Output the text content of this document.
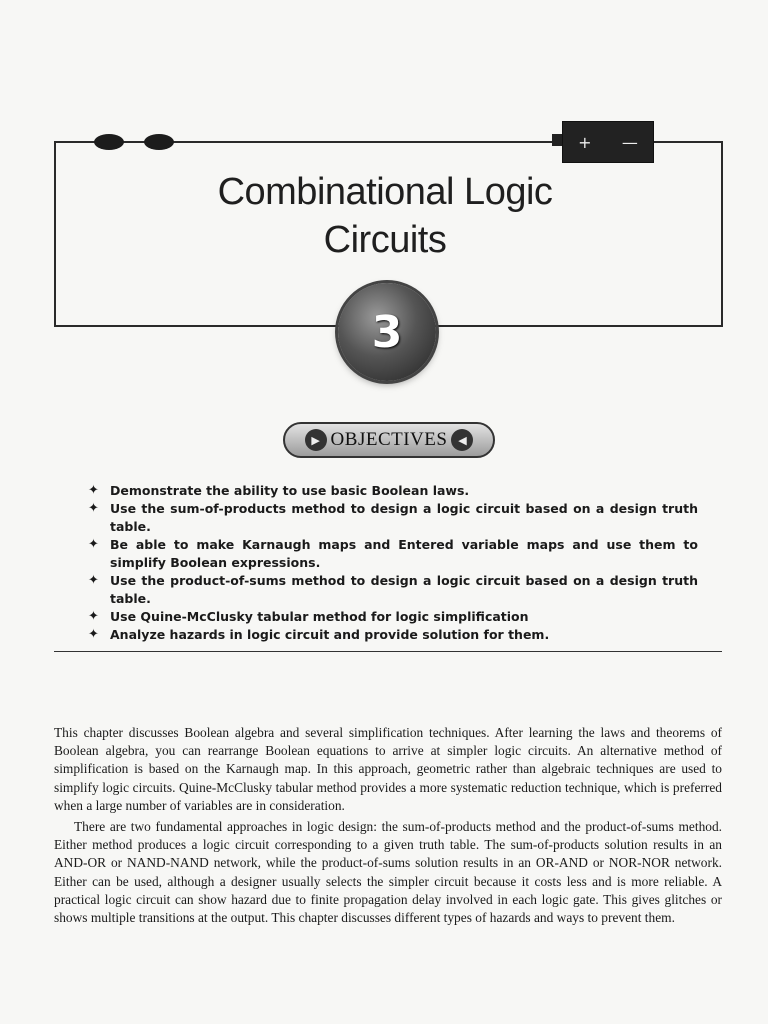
+ —
Combinational Logic
Circuits
3
▶ OBJECTIVES ◀
✦ Demonstrate the ability to use basic Boolean laws.
✦ Use the sum-of-products method to design a logic circuit based on a design truth table.
✦ Be able to make Karnaugh maps and Entered variable maps and use them to simplify Boolean expressions.
✦ Use the product-of-sums method to design a logic circuit based on a design truth table.
✦ Use Quine-McClusky tabular method for logic simplification
✦ Analyze hazards in logic circuit and provide solution for them.

This chapter discusses Boolean algebra and several simplification techniques. After learning the laws and theorems of Boolean algebra, you can rearrange Boolean equations to arrive at simpler logic circuits. An alternative method of simplification is based on the Karnaugh map. In this approach, geometric rather than algebraic techniques are used to simplify logic circuits. Quine-McClusky tabular method provides a more systematic reduction technique, which is preferred when a large number of variables are in consideration.

There are two fundamental approaches in logic design: the sum-of-products method and the product-of-sums method. Either method produces a logic circuit corresponding to a given truth table. The sum-of-products solution results in an AND-OR or NAND-NAND network, while the product-of-sums solution results in an OR-AND or NOR-NOR network. Either can be used, although a designer usually selects the simpler circuit because it costs less and is more reliable. A practical logic circuit can show hazard due to finite propagation delay involved in each logic gate. This gives glitches or shows multiple transitions at the output. This chapter discusses different types of hazards and ways to prevent them.
